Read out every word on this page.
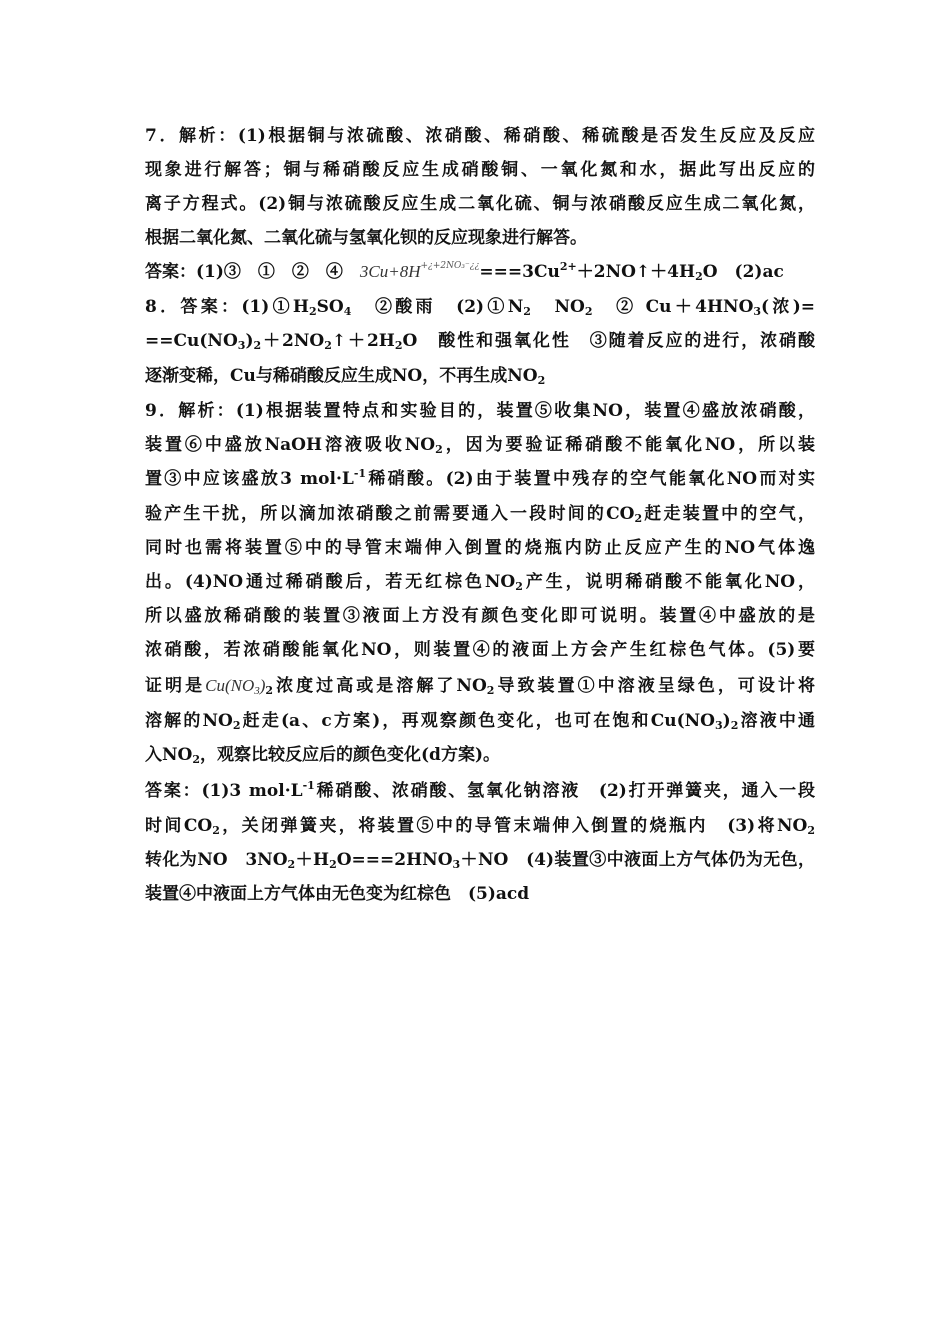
7．解析：(1)根据铜与浓硫酸、浓硝酸、稀硝酸、稀硫酸是否发生反应及反应
现象进行解答；铜与稀硝酸反应生成硝酸铜、一氧化氮和水，据此写出反应的
离子方程式。(2)铜与浓硫酸反应生成二氧化硫、铜与浓硝酸反应生成二氧化氮，
根据二氧化氮、二氧化硫与氢氧化钡的反应现象进行解答。
答案：(1)③　①　②　④　$3Cu+8H^{+¿+2NO_3^-¿¿}===3Cu^{2+}+2NO↑+4H_2O$　(2)ac
8．答案：$(1)①H_2SO_4$　②酸雨　$(2)①N_2$　$NO_2$　② $Cu+4HNO_3$(浓)=
$==Cu(NO_3)_2+2NO_2↑+2H_2O$　酸性和强氧化性　③随着反应的进行，浓硝酸
逐渐变稀，Cu与稀硝酸反应生成NO，不再生成$NO_2$
9．解析：(1)根据装置特点和实验目的，装置⑤收集NO，装置④盛放浓硝酸，
装置⑥中盛放NaOH溶液吸收$NO_2$，因为要验证稀硝酸不能氧化NO，所以装
置③中应该盛放3 $mol\cdot L^{-1}$稀硝酸。(2)由于装置中残存的空气能氧化NO而对实
验产生干扰，所以滴加浓硝酸之前需要通入一段时间的$CO_2$赶走装置中的空气，
同时也需将装置⑤中的导管末端伸入倒置的烧瓶内防止反应产生的NO气体逸
出。(4)NO通过稀硝酸后，若无红棕色$NO_2$产生，说明稀硝酸不能氧化NO，
所以盛放稀硝酸的装置③液面上方没有颜色变化即可说明。装置④中盛放的是
浓硝酸，若浓硝酸能氧化NO，则装置④的液面上方会产生红棕色气体。(5)要
证明是$Cu(NO_3)_2$浓度过高或是溶解了$NO_2$导致装置①中溶液呈绿色，可设计将
溶解的$NO_2$赶走(a、c方案)，再观察颜色变化，也可在饱和$Cu(NO_3)_2$溶液中通
入$NO_2$，观察比较反应后的颜色变化(d方案)。
答案：(1)3 $mol\cdot L^{-1}$稀硝酸、浓硝酸、氢氧化钠溶液　(2)打开弹簧夹，通入一段
时间$CO_2$，关闭弹簧夹，将装置⑤中的导管末端伸入倒置的烧瓶内　(3)将$NO_2$
转化为NO　$3NO_2+H_2O===2HNO_3+NO$　(4)装置③中液面上方气体仍为无色，
装置④中液面上方气体由无色变为红棕色　(5)acd
